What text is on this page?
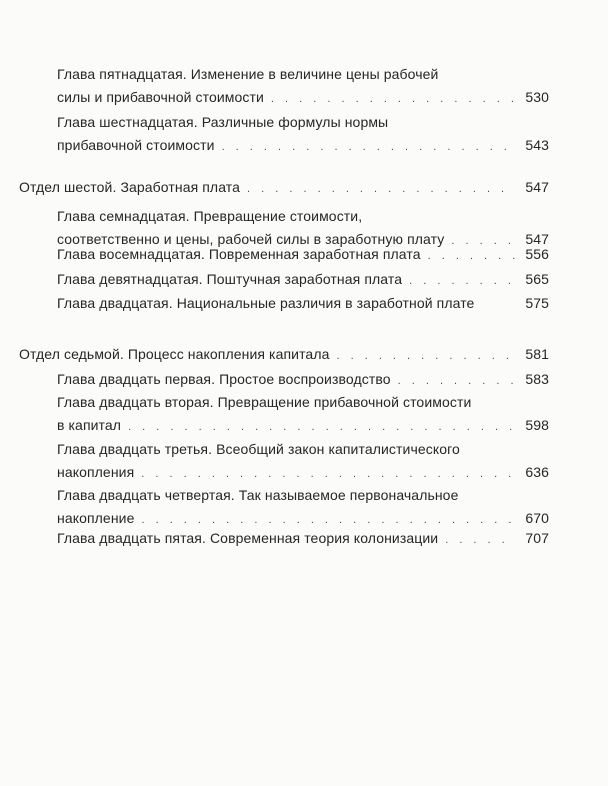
Глава пятнадцатая. Изменение в величине цены рабочей
силы и прибавочной стоимости . . .	530
Глава шестнадцатая. Различные формулы нормы
прибавочной стоимости . . .	543
Отдел шестой. Заработная плата . . .	547
Глава семнадцатая. Превращение стоимости,
соответственно и цены, рабочей силы в заработную плату . . .	547
Глава восемнадцатая. Повременная заработная плата . . .	556
Глава девятнадцатая. Поштучная заработная плата . . .	565
Глава двадцатая. Национальные различия в заработной плате	575
Отдел седьмой. Процесс накопления капитала . . .	581
Глава двадцать первая. Простое воспроизводство . . .	583
Глава двадцать вторая. Превращение прибавочной стоимости
в капитал . . .	598
Глава двадцать третья. Всеобщий закон капиталистического
накопления . . .	636
Глава двадцать четвертая. Так называемое первоначальное
накопление . . .	670
Глава двадцать пятая. Современная теория колонизации . . .	707
